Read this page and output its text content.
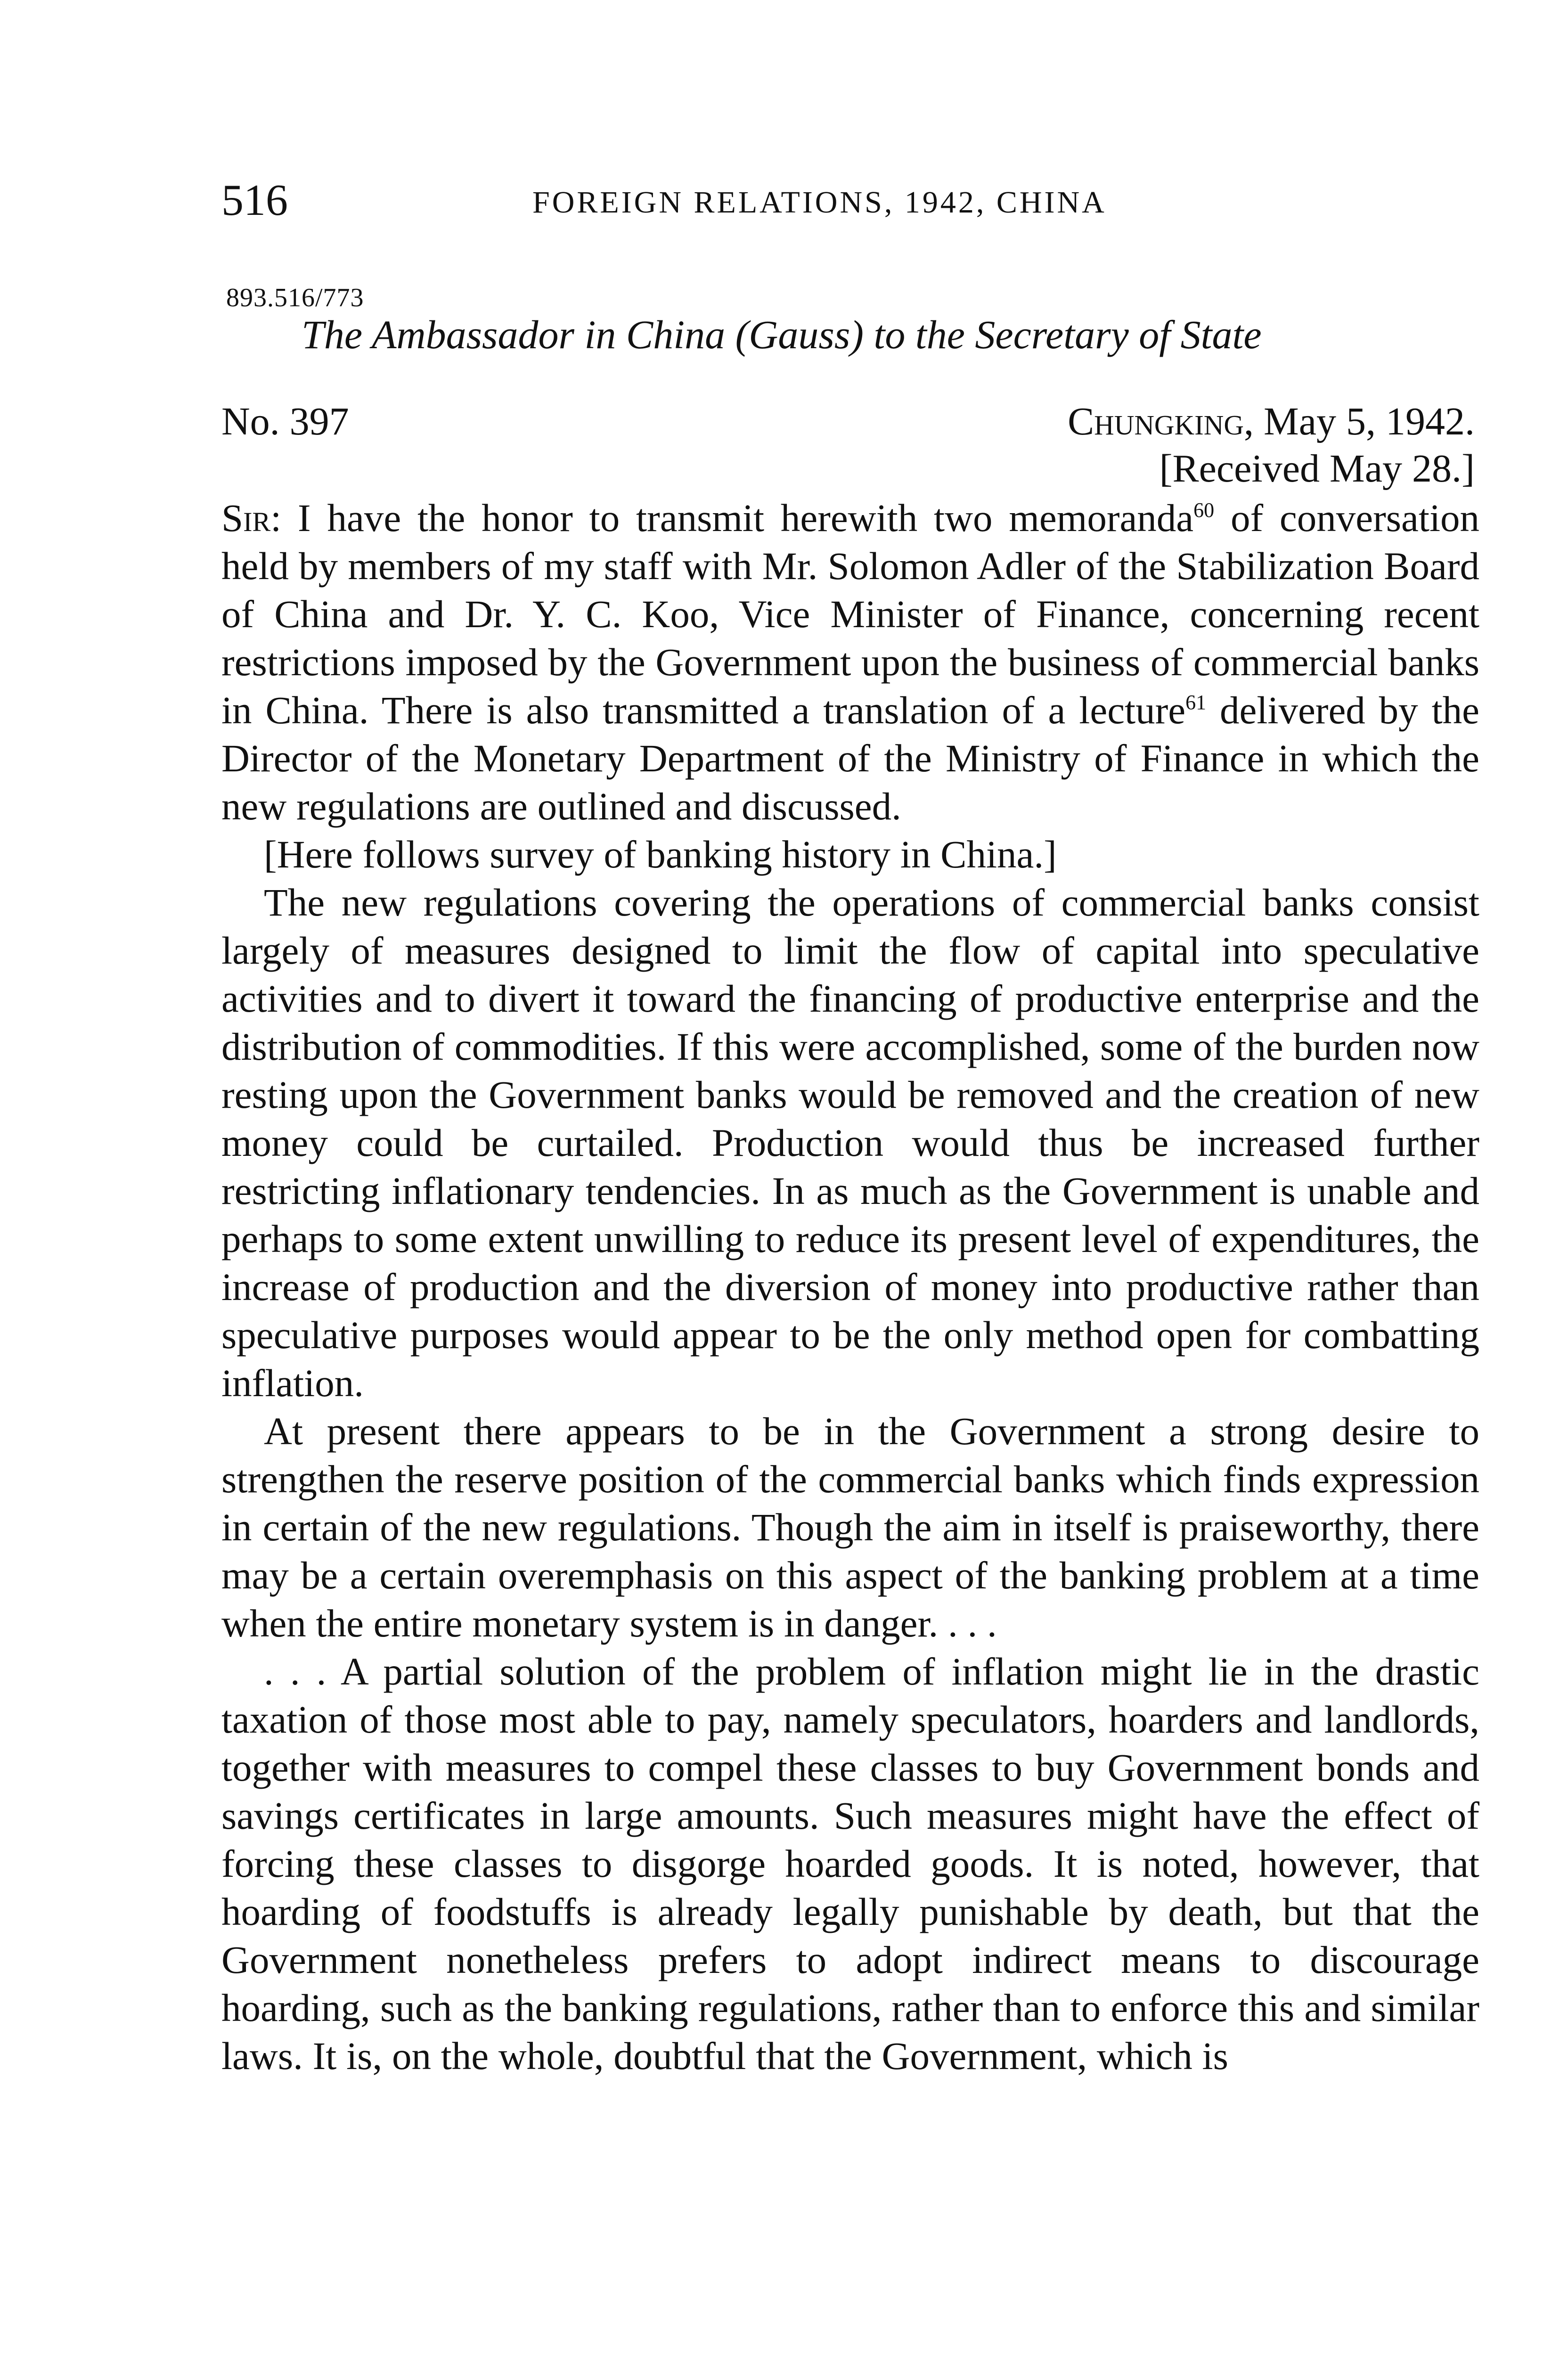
516	FOREIGN RELATIONS, 1942, CHINA
893.516/773
The Ambassador in China (Gauss) to the Secretary of State
No. 397	Chungking, May 5, 1942.
[Received May 28.]

Sir: I have the honor to transmit herewith two memoranda$^{60}$ of conversation held by members of my staff with Mr. Solomon Adler of the Stabilization Board of China and Dr. Y. C. Koo, Vice Minister of Finance, concerning recent restrictions imposed by the Government upon the business of commercial banks in China. There is also transmitted a translation of a lecture$^{61}$ delivered by the Director of the Monetary Department of the Ministry of Finance in which the new regulations are outlined and discussed.

[Here follows survey of banking history in China.]

The new regulations covering the operations of commercial banks consist largely of measures designed to limit the flow of capital into speculative activities and to divert it toward the financing of productive enterprise and the distribution of commodities. If this were accomplished, some of the burden now resting upon the Government banks would be removed and the creation of new money could be curtailed. Production would thus be increased further restricting inflationary tendencies. In as much as the Government is unable and perhaps to some extent unwilling to reduce its present level of expenditures, the increase of production and the diversion of money into productive rather than speculative purposes would appear to be the only method open for combatting inflation.

At present there appears to be in the Government a strong desire to strengthen the reserve position of the commercial banks which finds expression in certain of the new regulations. Though the aim in itself is praiseworthy, there may be a certain overemphasis on this aspect of the banking problem at a time when the entire monetary system is in danger. . . .

. . . A partial solution of the problem of inflation might lie in the drastic taxation of those most able to pay, namely speculators, hoarders and landlords, together with measures to compel these classes to buy Government bonds and savings certificates in large amounts. Such measures might have the effect of forcing these classes to disgorge hoarded goods. It is noted, however, that hoarding of foodstuffs is already legally punishable by death, but that the Government nonetheless prefers to adopt indirect means to discourage hoarding, such as the banking regulations, rather than to enforce this and similar laws. It is, on the whole, doubtful that the Government, which is
